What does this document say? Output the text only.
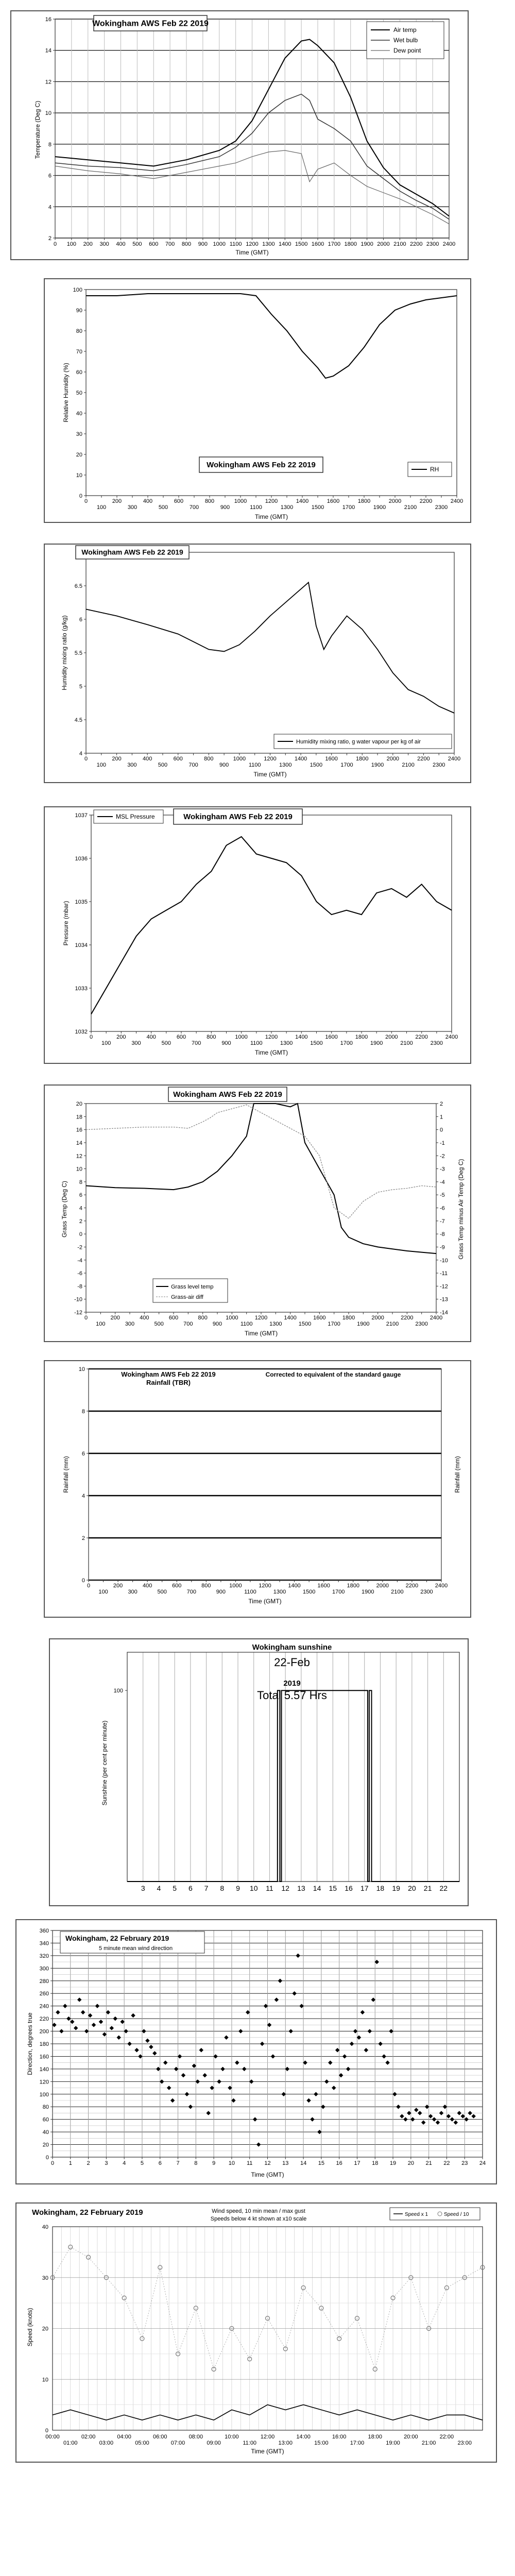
2
4
6
8
10
12
14
16
0 100 200 300 400 500 600 700 800 900 1000 1100 1200 1300 1400 1500 1600 1700 1800 1900 2000 2100 2200 2300 2400
Wokingham AWS Feb 22 2019
Air temp
Wet bulb
Dew point
Temperature (Deg C)
Time (GMT)
0
10
20
30
40
50
60
70
80
90
100
0
100
200
300
400
500
600
700
800
900
1000
1100
1200
1300
1400
1500
1600
1700
1800
1900
2000
2100
2200
2300
2400
Wokingham AWS Feb 22 2019	RH
Relative Humidity (%)
Time (GMT)
4
4.5
5
5.5
6
6.5
0
100
200
300
400
500
600
700
800
900
1000
1100
1200
1300
1400
1500
1600
1700
1800
1900
2000
2100
2200
2300
2400
Wokingham AWS Feb 22 2019
Humidity mixing ratio, g water vapour per kg of air
Humidity mixing ratio (g/kg)
Time (GMT)
1032
1033
1034
1035
1036
1037
0
100
200
300
400
500
600
700
800
900
1000
1100
1200
1300
1400
1500
1600
1700
1800
1900
2000
2100
2200
2300
2400
MSL Pressure	Wokingham AWS Feb 22 2019
Pressure (mbar)
Time (GMT)
-12
-10
-8
-6
-4
-2
0
2
4
6
8
10
12
14
16
18
20
0
100
200
300
400
500
600
700
800
900
1000
1100
1200
1300
1400
1500
1600
1700
1800
1900
2000
2100
2200
2300
2400
-14
-13
-12
-11
-10
-9
-8
-7
-6
-5
-4
-3
-2
-1
0
1
2
Wokingham AWS Feb 22 2019
Grass level temp
Grass-air diff
Grass Temp (Deg C)	Grass Temp minus Air Temp (Deg C)
Time (GMT)
0
2
4
6
8
10
0
100
200
300
400
500
600
700
800
900
1000
1100
1200
1300
1400
1500
1600
1700
1800
1900
2000
2100
2200
2300
2400
Wokingham AWS Feb 22 2019
Rainfall (TBR)
Corrected to equivalent of the standard gauge
Rainfall (mm)	Rainfall (mm)
Time (GMT)
3 4 5 6 7 8 9 10 11 12 13 14 15 16 17 18 19 20 21 22
100
Wokingham sunshine
22-Feb
2019
Total 5.57 Hrs
Sunshine (per cent per minute)
0
20
40
60
80
100
120
140
160
180
200
220
240
260
280
300
320
340
360
0	1	2	3	4	5	6	7	8	9 10 11 12 13 14 15 16 17 18 19 20 21 22 23 24
Wokingham, 22 February 2019
5 minute mean wind direction
Direction, degrees true
Time (GMT)
0
10
20
30
40
00:00
01:00
02:00
03:00
04:00
05:00
06:00
07:00
08:00
09:00
10:00
11:00
12:00
13:00
14:00
15:00
16:00
17:00
18:00
19:00
20:00
21:00
22:00
23:00
Wokingham, 22 February 2019	Wind speed, 10 min mean / max gust
Speeds below 4 kt shown at x10 scale
Speed x 1	Speed / 10
Speed (knots)
Time (GMT)
